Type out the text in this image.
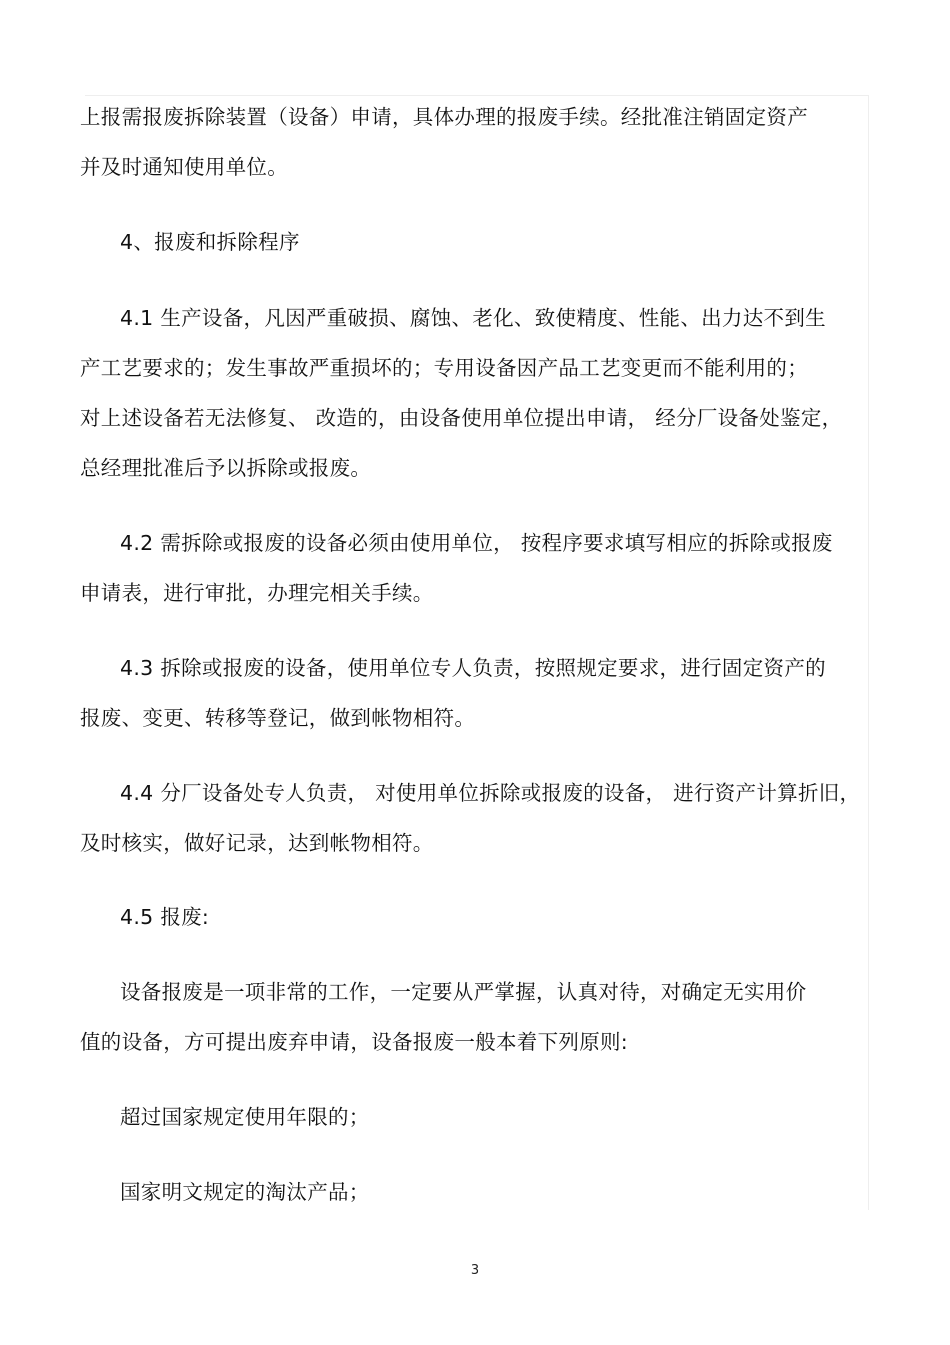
上报需报废拆除装置（设备）申请，具体办理的报废手续。经批准注销固定资产
并及时通知使用单位。
4、报废和拆除程序
4.1 生产设备，凡因严重破损、腐蚀、老化、致使精度、性能、出力达不到生
产工艺要求的；发生事故严重损坏的；专用设备因产品工艺变更而不能利用的；
对上述设备若无法修复、 改造的，由设备使用单位提出申请， 经分厂设备处鉴定，
总经理批准后予以拆除或报废。
4.2 需拆除或报废的设备必须由使用单位， 按程序要求填写相应的拆除或报废
申请表，进行审批，办理完相关手续。
4.3 拆除或报废的设备，使用单位专人负责，按照规定要求，进行固定资产的
报废、变更、转移等登记，做到帐物相符。
4.4 分厂设备处专人负责， 对使用单位拆除或报废的设备， 进行资产计算折旧，
及时核实，做好记录，达到帐物相符。
4.5 报废:
设备报废是一项非常的工作，一定要从严掌握，认真对待，对确定无实用价
值的设备，方可提出废弃申请，设备报废一般本着下列原则:
超过国家规定使用年限的；
国家明文规定的淘汰产品；
3
